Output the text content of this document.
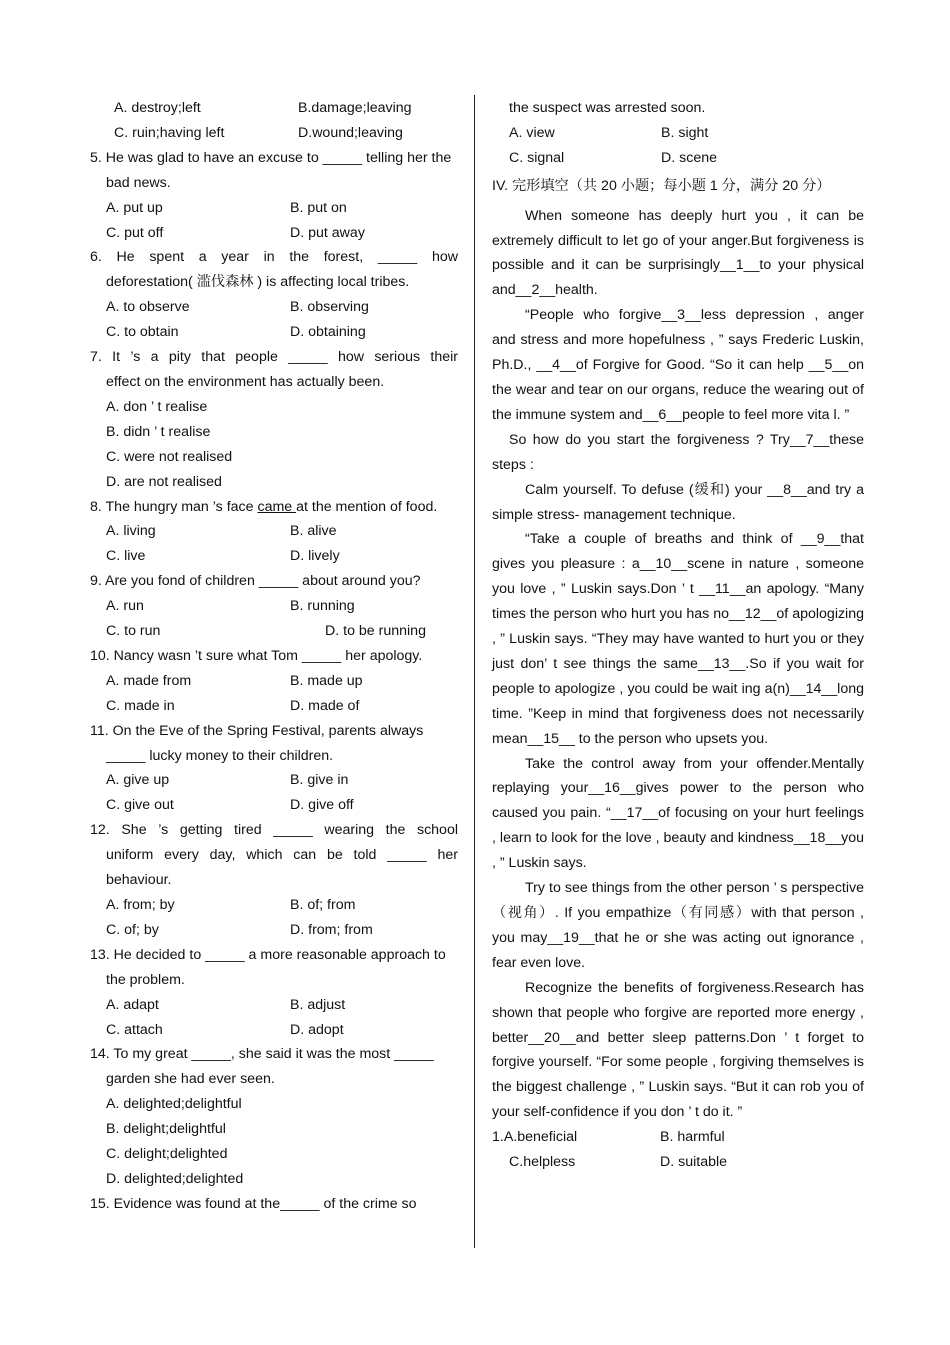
A. destroy;left	B.damage;leaving
C. ruin;having left	D.wound;leaving
5. He was glad to have an excuse to _____ telling her the bad news.
A. put up	B. put on
C. put off	D. put away
6. He spent a year in the forest, _____ how
deforestation( 滥伐森林 ) is affecting local tribes.
A. to observe	B. observing
C. to obtain	D. obtaining
7. It ’s a pity that people _____ how serious their
effect on the environment has actually been.
A. don ’ t realise
B. didn ’ t realise
C. were not realised
D. are not realised
8. The hungry man ’s face came at the mention of food.
A. living	B. alive
C. live	D. lively
9. Are you fond of children _____ about around you?
A. run	B. running
C. to run	D. to be running
10. Nancy wasn ’t sure what Tom _____ her apology.
A. made from	B. made up
C. made in	D. made of
11. On the Eve of the Spring Festival, parents always _____ lucky money to their children.
A. give up	B. give in
C. give out	D. give off
12. She ’s getting tired _____ wearing the school
uniform every day, which can be told _____ her
behaviour.
A. from; by	B. of; from
C. of; by	D. from; from
13. He decided to _____ a more reasonable approach to the problem.
A. adapt	B. adjust
C. attach	D. adopt
14. To my great _____, she said it was the most _____ garden she had ever seen.
A. delighted;delightful
B. delight;delightful
C. delight;delighted
D. delighted;delighted
15. Evidence was found at the_____ of the crime so
the suspect was arrested soon.
A. view	B. sight
C. signal	D. scene
IV. 完形填空（共 20 小题；每小题 1 分，满分 20 分）
When someone has deeply hurt you , it can be extremely difficult to let go of your anger.But forgiveness is possible and it can be surprisingly__1__to your physical and__2__health.
“People who forgive__3__less depression , anger and stress and more hopefulness , ” says Frederic Luskin, Ph.D., __4__of Forgive for Good. “So it can help __5__on the wear and tear on our organs, reduce the wearing out of the immune system and__6__people to feel more vita l. ”
So how do you start the forgiveness ? Try__7__these steps :
Calm yourself. To defuse (缓和) your __8__and try a simple stress- management technique.
“Take a couple of breaths and think of __9__that gives you pleasure : a__10__scene in nature , someone you love , ” Luskin says.Don ’ t __11__an apology. “Many times the person who hurt you has no__12__of apologizing , ” Luskin says. “They may have wanted to hurt you or they just don’ t see things the same__13__.So if you wait for people to apologize , you could be wait ing a(n)__14__long time. ”Keep in mind that forgiveness does not necessarily mean__15__ to the person who upsets you.
Take the control away from your offender.Mentally replaying your__16__gives power to the person who caused you pain. “__17__of focusing on your hurt feelings , learn to look for the love , beauty and kindness__18__you , ” Luskin says.
Try to see things from the other person ’ s perspective（视角）. If you empathize（有同感）with that person , you may__19__that he or she was acting out ignorance , fear even love.
Recognize the benefits of forgiveness.Research has shown that people who forgive are reported more energy , better__20__and better sleep patterns.Don ’ t forget to forgive yourself. “For some people , forgiving themselves is the biggest challenge , ” Luskin says. “But it can rob you of your self-confidence if you don ’ t do it. ”
1.A.beneficial	B. harmful
C.helpless	D. suitable
